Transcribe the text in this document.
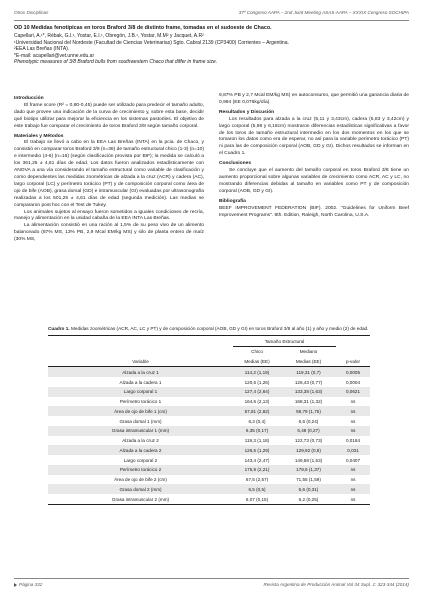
Otros Disciplinas	37º Congreso AAPA – 2nd Joint Meeting ASAS-AAPA – XXXIX Congreso SOCHIPA
OD 10 Medidas fenotípicas en toros Braford 3/8 de distinto frame, tomadas en el sudoeste de Chaco.
Capellari, A.¹*, Rébak, G.I.¹, Yostar, E.I.¹, Obregón, J.B.¹, Yostar, M.M² y Jacquet, A.R²
¹Universidad Nacional del Nordeste (Facultad de Ciencias Veterinarias) Sgto. Cabral 2139 (CP3400) Corrientes – Argentina.
²EEA Las Breñas (INTA).
*E-mail: acapellari@vet.unne.edu.ar
Phenotypic measures of 3/8 Braford bulls from southwestern Chaco that differ in frame size.
Introducción

El frame score (R² = 0,80-0,45) puede ser utilizado para predecir el tamaño adulto, dado que provee una indicación de la curva de crecimiento y, sobre esta base, decidir qué biotipo utilizar para mejorar la eficiencia en los sistemas pastoriles. El objetivo de este trabajo fue comparar el crecimiento de toros Braford 3/8 según tamaño corporal.

Materiales y Métodos

El trabajo se llevó a cabo en la EEA Las Breñas (INTA) en la pcia. de Chaco, y consistió en comparar toros Braford 3/8 (n=36) de tamaño estructural chico (1-3) (n=10) e intermedio (4-6) (n=16) (según clasificación provista por BIF); la medida se calculó a los 361,25 ± 4,61 días de edad. Los datos fueron analizados estadísticamente con ANOVA a una vía considerando el tamaño estructural como variable de clasificación y como dependientes las medidas zoométricas de alzada a la cruz (ACR) y cadera (AC), largo corporal (LC) y perímetro torácico (PT) y de composición corporal como área de ojo de bife (AOB), grasa dorsal (GD) e intramuscular (GI) evaluadas por ultrasonografía realizadas a los 501,25 ± 4,61 días de edad (segunda medición). Las medias se compararon post hoc con el Test de Tukey.

Los animales sujetos al ensayo fueron sometidos a iguales condiciones de recría, manejo y alimentación en la unidad cabaña de la EEA INTA Las Breñas.

La alimentación consistió en una ración al 1,5% de su peso vivo de un alimento balanceado (87% MS, 13% PB, 2,9 Mcal EM/kg MS) y silo de planta entero de maíz (30% MS,

9,87% PB y 2,7 Mcal EM/kg MS) en autoconsumo, que permitió una ganancia diaria de 0,994 (EE 0,076kg/día).

Resultados y Discusión

Los resultados para alzada a la cruz (5,11 y 3,43cm), cadera (5,83 y 3,42cm) y largo corporal (5,98 y 6,18cm) mostraron diferencias estadísticas significativas a favor de los toros de tamaño estructural intermedio en los dos momentos en los que se tomaron los datos como era de esperar, no así para la variable perímetro torácico (PT) ni para las de composición corporal (AOB, GD y GI). Dichos resultados se informan en el Cuadro 1.

Conclusiones

Se concluye que el aumento del tamaño corporal en toros Braford 3/8 tiene un aumento proporcional sobre algunas variables de crecimiento como ACR, AC y LC, no mostrando diferencias debidas al tamaño en variables como PT y de composición corporal (AOB, GD y GI).

Bibliografía

BEEF IMPROVEMENT FEDERATION (BIF). 2002. "Guidelines for Uniform Beef Improvement Programs". 8th. Edition, Raleigh, North Carolina, U.S.A.

Cuadro 1. Medidas zoométricas (ACR, AC, LC y PT) y de composición corporal (AOB, GD y GI) en toros Braford 3/8 al año (1) y año y medio (2) de edad.
	Tamaño Estructural		
	Chico	Mediano	
Variable	Medias (EE)	Medias (EE)	p-valor
Alzada a la cruz 1	114,2 (1,19)	119,31 (0,7)	0,0005
Alzada a la cadera 1	120,6 (1,26)	126,43 (0,77)	0,0004
Largo corporal 1	127,4 (2,64)	133,38 (1,63)	0,0621
Perímetro torácico 1	164,6 (2,13)	168,31 (1,32)	ns
Área de ojo de bife 1 (cm)	57,81 (2,82)	59,79 (1,75)	ns
Grasa dorsal 1 (mm)	6,3 (0,4)	6,6 (0,24)	ns
Grasa intramuscular 1 (mm)	6,35 (0,17)	6,48 (0,27)	ns
Alzada a la cruz 2	119,3 (1,18)	122,73 (0,73)	0,0184
Alzada a la cadera 2	126,5 (1,29)	129,92 (0,8)	0,031
Largo corporal 2	143,4 (2,47)	149,58 (1,53)	0,0407
Perímetro torácico 2	175,9 (2,21)	179,6 (1,37)	ns
Área de ojo de bife 2 (cm)	67,5 (2,57)	71,55 (1,59)	ns
Grasa dorsal 2 (mm)	6,5 (0,5)	6,6 (0,31)	ns
Grasa intramuscular 2 (mm)	6,07 (0,15)	6,2 (0,25)	ns
Página 332	Revista Argentina de Producción Animal Vol 34 Supl. 1: 323-344 (2014)
